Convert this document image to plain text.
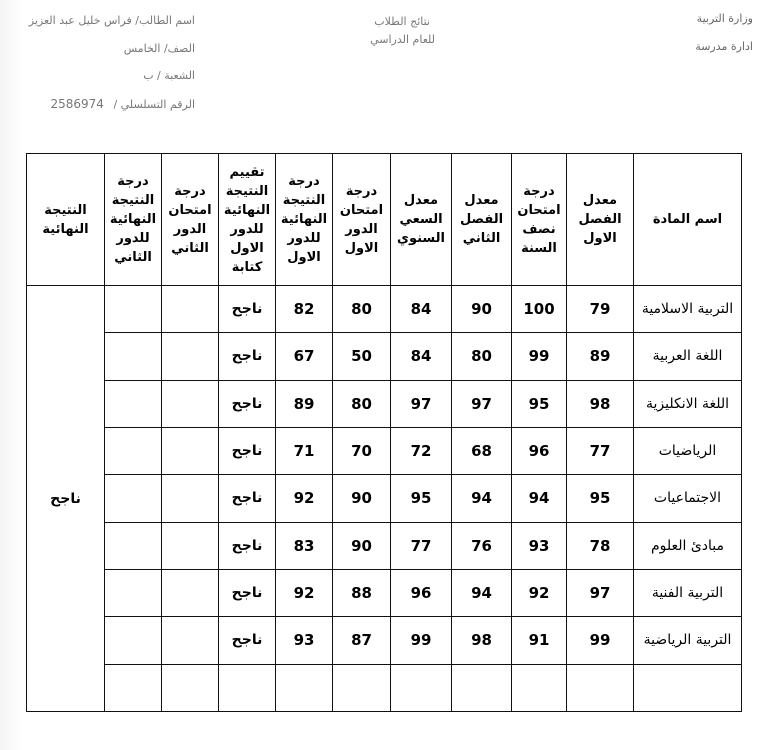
وزارة التربية
ادارة مدرسة
نتائج الطلاب
للعام الدراسي
اسم الطالب/ فراس خليل عبد العزيز
الصف/ الخامس
الشعبة / ب
الرقم التسلسلي / 2586974
اسم المادة	معدل الفصل الاول	درجة امتحان نصف السنة	معدل الفصل الثاني	معدل السعي السنوي	درجة امتحان الدور الاول	درجة النتيجة النهائية للدور الاول	تقييم النتيجة النهائية للدور الاول كتابة	درجة امتحان الدور الثاني	درجة النتيجة النهائية للدور الثاني	النتيجة النهائية
التربية الاسلامية	79	100	90	84	80	82	ناجح			ناجح
اللغة العربية	89	99	80	84	50	67	ناجح			
اللغة الانكليزية	98	95	97	97	80	89	ناجح			
الرياضيات	77	96	68	72	70	71	ناجح			
الاجتماعيات	95	94	94	95	90	92	ناجح			
مبادئ العلوم	78	93	76	77	90	83	ناجح			
التربية الفنية	97	92	94	96	88	92	ناجح			
التربية الرياضية	99	91	98	99	87	93	ناجح			
